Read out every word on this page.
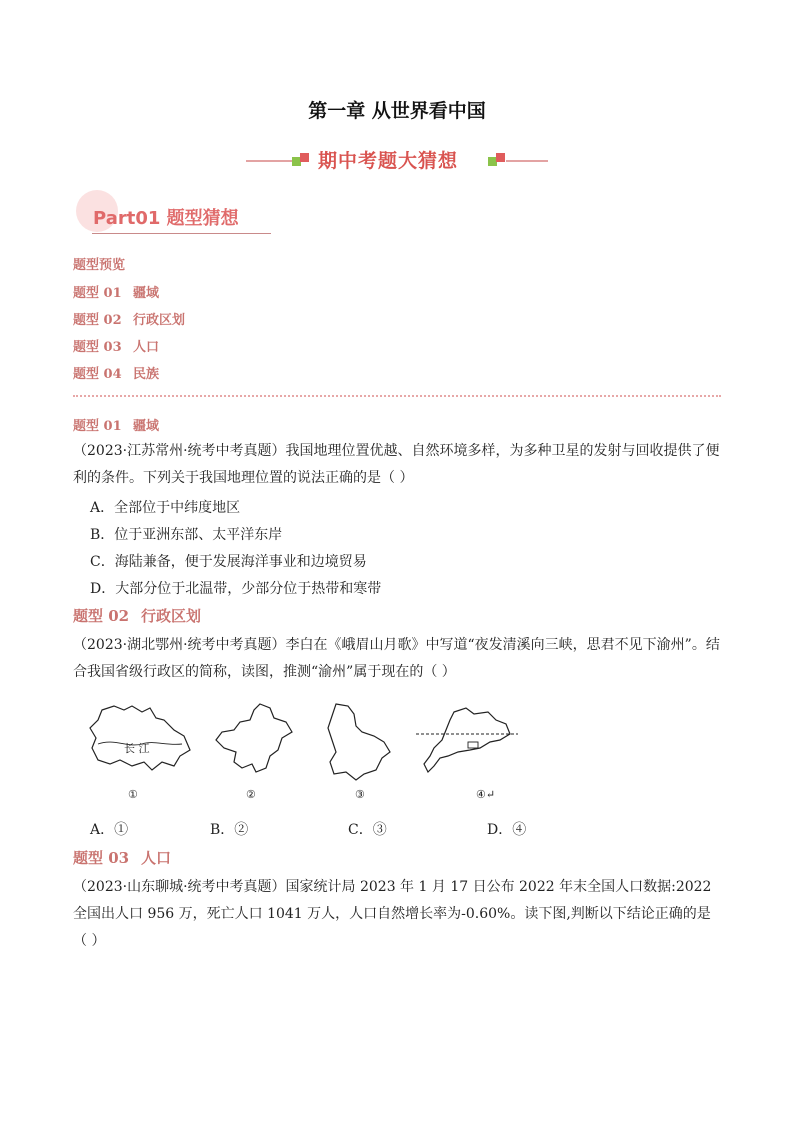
第一章 从世界看中国
期中考题大猜想
Part01 题型猜想
题型预览
题型 01 疆域
题型 02 行政区划
题型 03 人口
题型 04 民族
题型 01 疆域
（2023·江苏常州·统考中考真题）我国地理位置优越、自然环境多样，为多种卫星的发射与回收提供了便利的条件。下列关于我国地理位置的说法正确的是（ ）
A．全部位于中纬度地区
B．位于亚洲东部、太平洋东岸
C．海陆兼备，便于发展海洋事业和边境贸易
D．大部分位于北温带，少部分位于热带和寒带
题型 02 行政区划
（2023·湖北鄂州·统考中考真题）李白在《峨眉山月歌》中写道“夜发清溪向三峡，思君不见下渝州”。结合我国省级行政区的简称，读图，推测“渝州”属于现在的（ ）
长 江
①	②	③	④↵
A．①	B．②	C．③	D．④
题型 03 人口
（2023·山东聊城·统考中考真题）国家统计局 2023 年 1 月 17 日公布 2022 年末全国人口数据:2022 全国出人口 956 万，死亡人口 1041 万人，人口自然增长率为-0.60%。读下图,判断以下结论正确的是（ ）
